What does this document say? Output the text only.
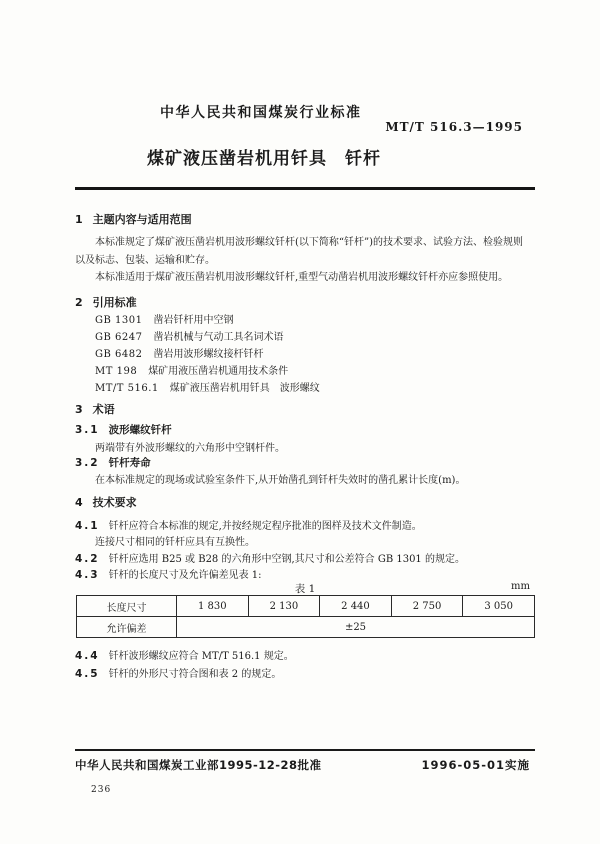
中华人民共和国煤炭行业标准
MT/T 516.3—1995
煤矿液压凿岩机用钎具　钎杆
1 主题内容与适用范围
本标准规定了煤矿液压凿岩机用波形螺纹钎杆(以下简称“钎杆”)的技术要求、试验方法、检验规则
以及标志、包装、运输和贮存。
本标准适用于煤矿液压凿岩机用波形螺纹钎杆,重型气动凿岩机用波形螺纹钎杆亦应参照使用。
2 引用标准
GB 1301 凿岩钎杆用中空钢
GB 6247 凿岩机械与气动工具名词术语
GB 6482 凿岩用波形螺纹接杆钎杆
MT 198 煤矿用液压凿岩机通用技术条件
MT/T 516.1 煤矿液压凿岩机用钎具　波形螺纹
3 术语
3.1 波形螺纹钎杆
两端带有外波形螺纹的六角形中空钢杆件。
3.2 钎杆寿命
在本标准规定的现场或试验室条件下,从开始凿孔到钎杆失效时的凿孔累计长度(m)。
4 技术要求
4.1 钎杆应符合本标准的规定,并按经规定程序批准的图样及技术文件制造。
连接尺寸相同的钎杆应具有互换性。
4.2 钎杆应选用 B25 或 B28 的六角形中空钢,其尺寸和公差符合 GB 1301 的规定。
4.3 钎杆的长度尺寸及允许偏差见表 1:
表 1	mm
长度尺寸	1 830	2 130	2 440	2 750	3 050
允许偏差	±25				
4.4 钎杆波形螺纹应符合 MT/T 516.1 规定。
4.5 钎杆的外形尺寸符合图和表 2 的规定。
中华人民共和国煤炭工业部1995-12-28批准	1996-05-01实施
236
